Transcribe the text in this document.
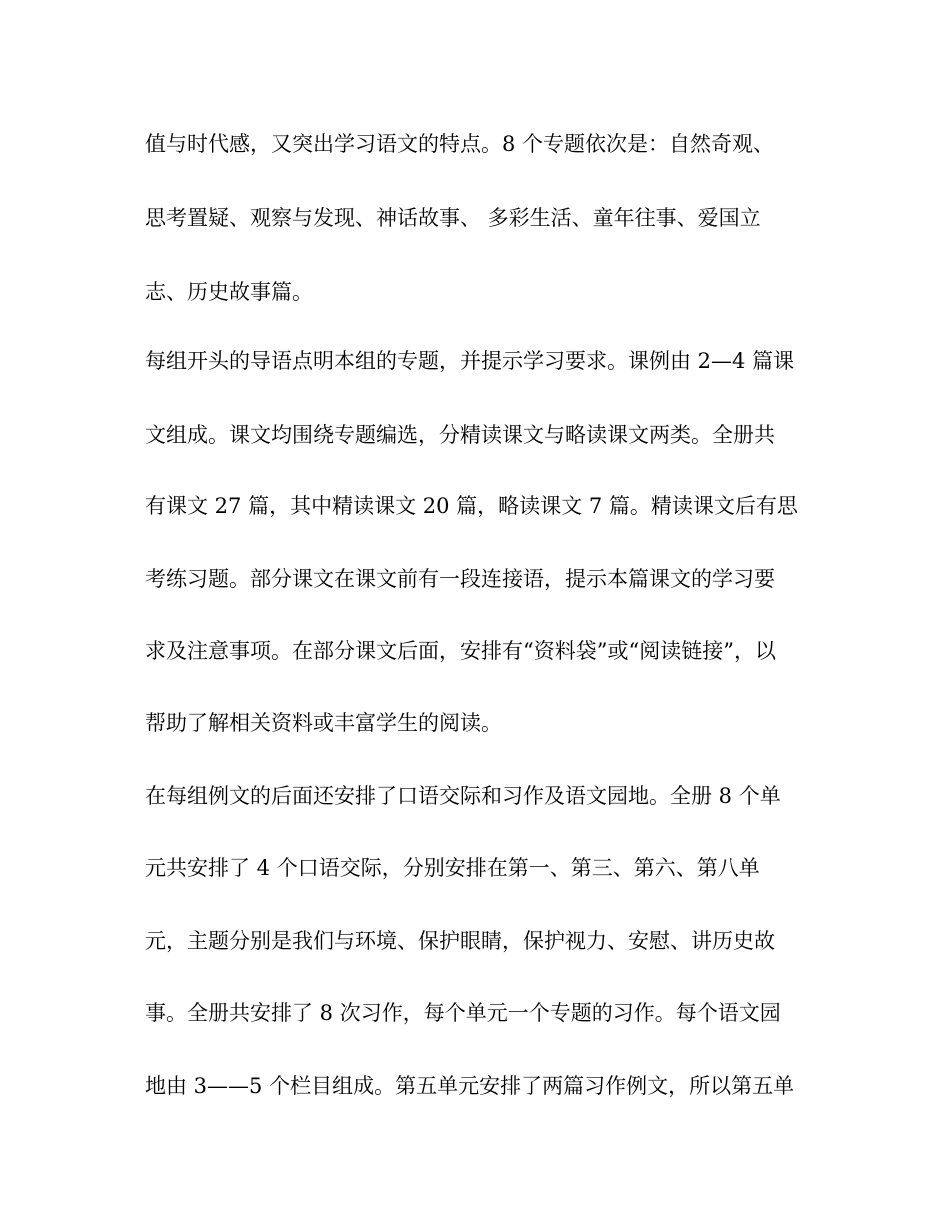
值与时代感，又突出学习语文的特点。8 个专题依次是：自然奇观、
思考置疑、观察与发现、神话故事、 多彩生活、童年往事、爱国立
志、历史故事篇。
每组开头的导语点明本组的专题，并提示学习要求。课例由 2—4 篇课
文组成。课文均围绕专题编选，分精读课文与略读课文两类。全册共
有课文 27 篇，其中精读课文 20 篇，略读课文 7 篇。精读课文后有思
考练习题。部分课文在课文前有一段连接语，提示本篇课文的学习要
求及注意事项。在部分课文后面，安排有“资料袋”或“阅读链接”，以
帮助了解相关资料或丰富学生的阅读。
在每组例文的后面还安排了口语交际和习作及语文园地。全册 8 个单
元共安排了 4 个口语交际，分别安排在第一、第三、第六、第八单
元，主题分别是我们与环境、保护眼睛，保护视力、安慰、讲历史故
事。全册共安排了 8 次习作，每个单元一个专题的习作。每个语文园
地由 3——5 个栏目组成。第五单元安排了两篇习作例文，所以第五单
